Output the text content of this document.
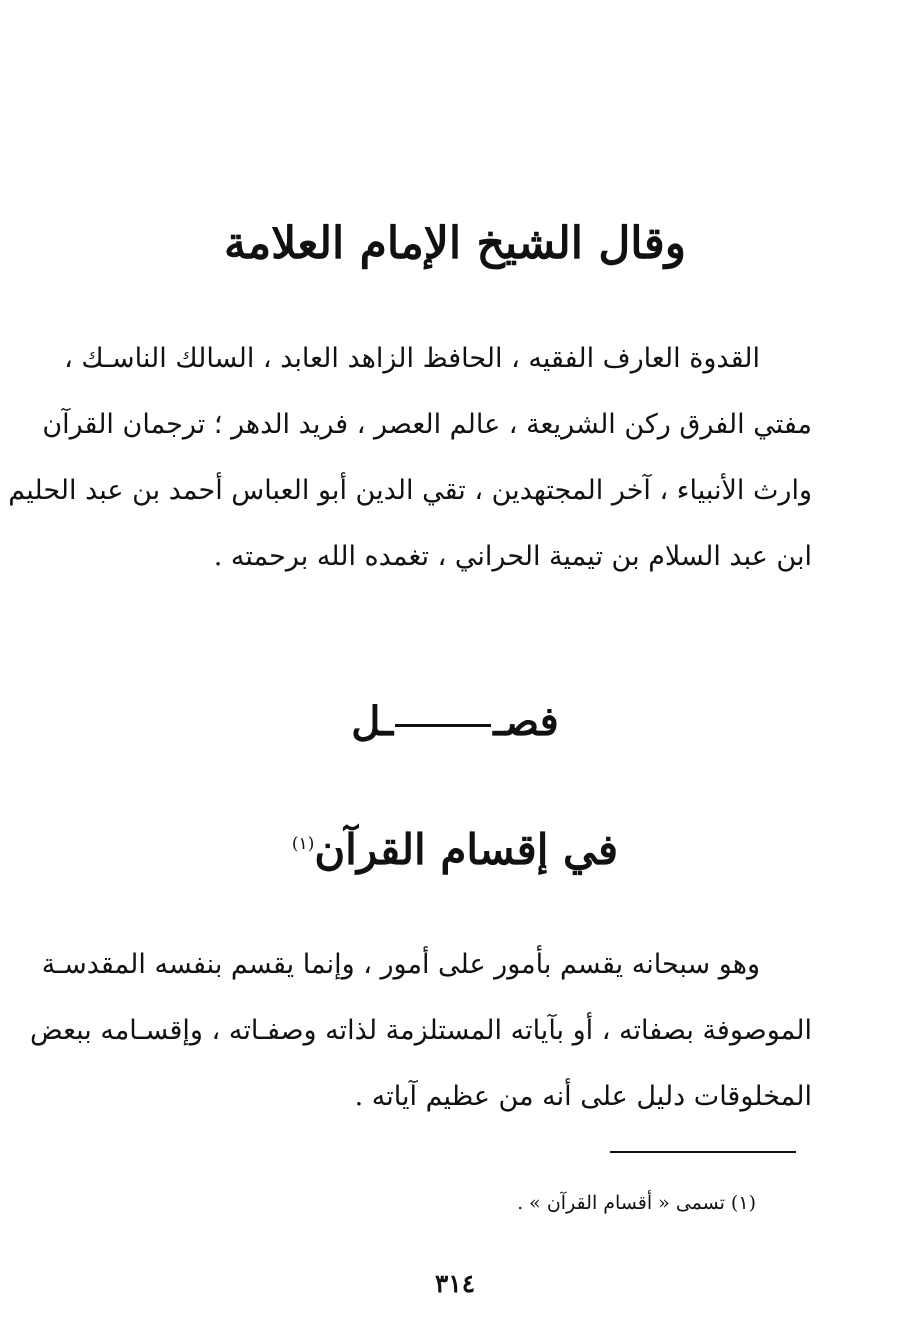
وقال الشيخ الإمام العلامة

القدوة العارف الفقيه ، الحافظ الزاهد العابد ، السالك الناسـك ،
مفتي الفرق ركن الشريعة ، عالم العصر ، فريد الدهر ؛ ترجمان القرآن
وارث الأنبياء ، آخر المجتهدين ، تقي الدين أبو العباس أحمد بن عبد الحليم
ابن عبد السلام بن تيمية الحراني ، تغمده الله برحمته .

فصــل
في إقسام القرآن$^{(١)}$

وهو سبحانه يقسم بأمور على أمور ، وإنما يقسم بنفسه المقدسـة
الموصوفة بصفاته ، أو بآياته المستلزمة لذاته وصفـاته ، وإقسـامه ببعض
المخلوقات دليل على أنه من عظيم آياته .

(١) تسمى « أقسام القرآن » .

٣١٤
